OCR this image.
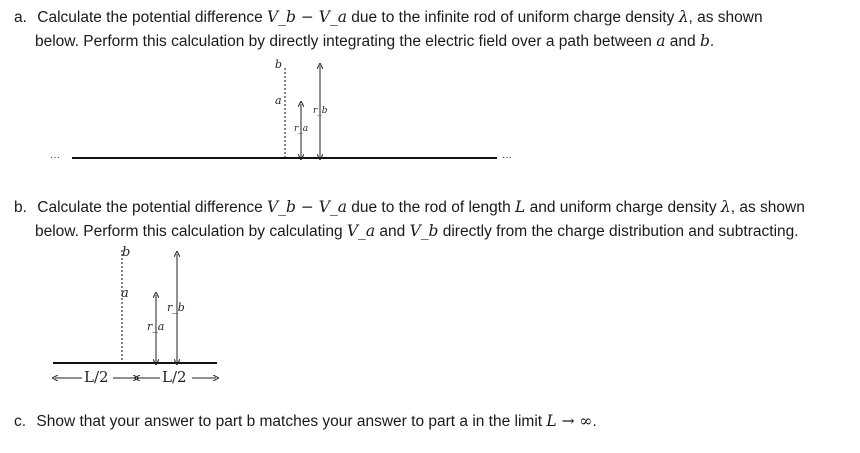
a. Calculate the potential difference V_b − V_a due to the infinite rod of uniform charge density λ, as shown
below. Perform this calculation by directly integrating the electric field over a path between a and b.
···	···
b
a
r_b
r_a
b. Calculate the potential difference V_b − V_a due to the rod of length L and uniform charge density λ, as shown
below. Perform this calculation by calculating V_a and V_b directly from the charge distribution and subtracting.
b
a
r_b
r_a
L/2	L/2
c. Show that your answer to part b matches your answer to part a in the limit L → ∞.
